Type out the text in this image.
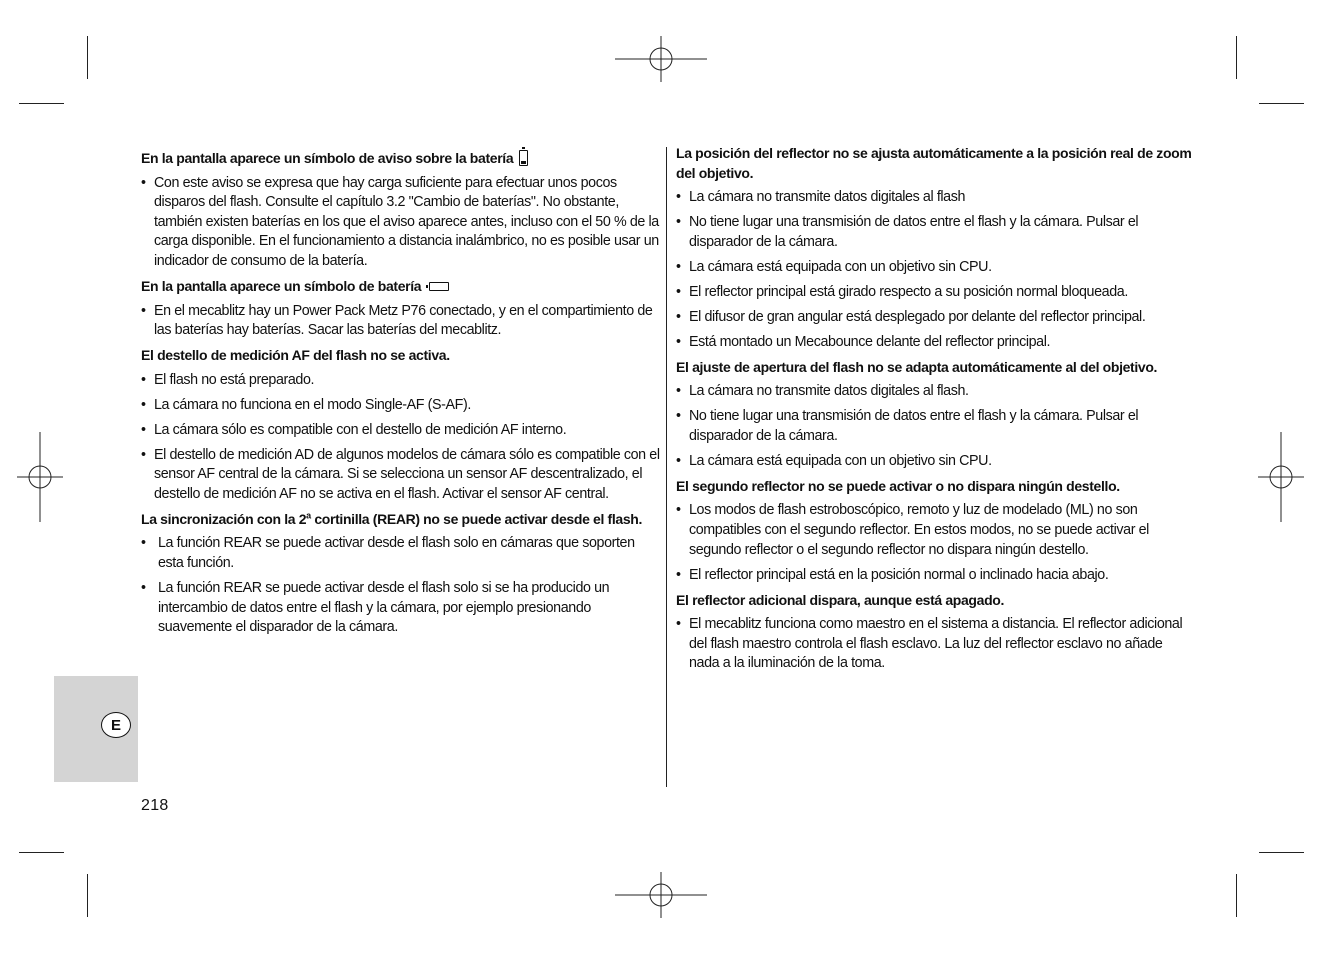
E
218
En la pantalla aparece un símbolo de aviso sobre la batería
• Con este aviso se expresa que hay carga suficiente para efectuar unos pocos disparos del flash. Consulte el capítulo 3.2 "Cambio de baterías". No obstante, también existen baterías en los que el aviso aparece antes, incluso con el 50 % de la carga disponible. En el funcionamiento a distancia inalámbrico, no es posible usar un indicador de consumo de la batería.
En la pantalla aparece un símbolo de batería
• En el mecablitz hay un Power Pack Metz P76 conectado, y en el compartimiento de las baterías hay baterías. Sacar las baterías del mecablitz.
El destello de medición AF del flash no se activa.
• El flash no está preparado.
• La cámara no funciona en el modo Single-AF (S-AF).
• La cámara sólo es compatible con el destello de medición AF interno.
• El destello de medición AD de algunos modelos de cámara sólo es compatible con el sensor AF central de la cámara. Si se selecciona un sensor AF descentralizado, el destello de medición AF no se activa en el flash. Activar el sensor AF central.
La sincronización con la 2$^a$ cortinilla (REAR) no se puede activar desde el flash.
• La función REAR se puede activar desde el flash solo en cámaras que soporten esta función.
• La función REAR se puede activar desde el flash solo si se ha producido un intercambio de datos entre el flash y la cámara, por ejemplo presionando suavemente el disparador de la cámara.
La posición del reflector no se ajusta automáticamente a la posición real de zoom del objetivo.
• La cámara no transmite datos digitales al flash
• No tiene lugar una transmisión de datos entre el flash y la cámara. Pulsar el disparador de la cámara.
• La cámara está equipada con un objetivo sin CPU.
• El reflector principal está girado respecto a su posición normal bloqueada.
• El difusor de gran angular está desplegado por delante del reflector principal.
• Está montado un Mecabounce delante del reflector principal.
El ajuste de apertura del flash no se adapta automáticamente al del objetivo.
• La cámara no transmite datos digitales al flash.
• No tiene lugar una transmisión de datos entre el flash y la cámara. Pulsar el disparador de la cámara.
• La cámara está equipada con un objetivo sin CPU.
El segundo reflector no se puede activar o no dispara ningún destello.
• Los modos de flash estroboscópico, remoto y luz de modelado (ML) no son compatibles con el segundo reflector. En estos modos, no se puede activar el segundo reflector o el segundo reflector no dispara ningún destello.
• El reflector principal está en la posición normal o inclinado hacia abajo.
El reflector adicional dispara, aunque está apagado.
• El mecablitz funciona como maestro en el sistema a distancia. El reflector adicional del flash maestro controla el flash esclavo. La luz del reflector esclavo no añade nada a la iluminación de la toma.
